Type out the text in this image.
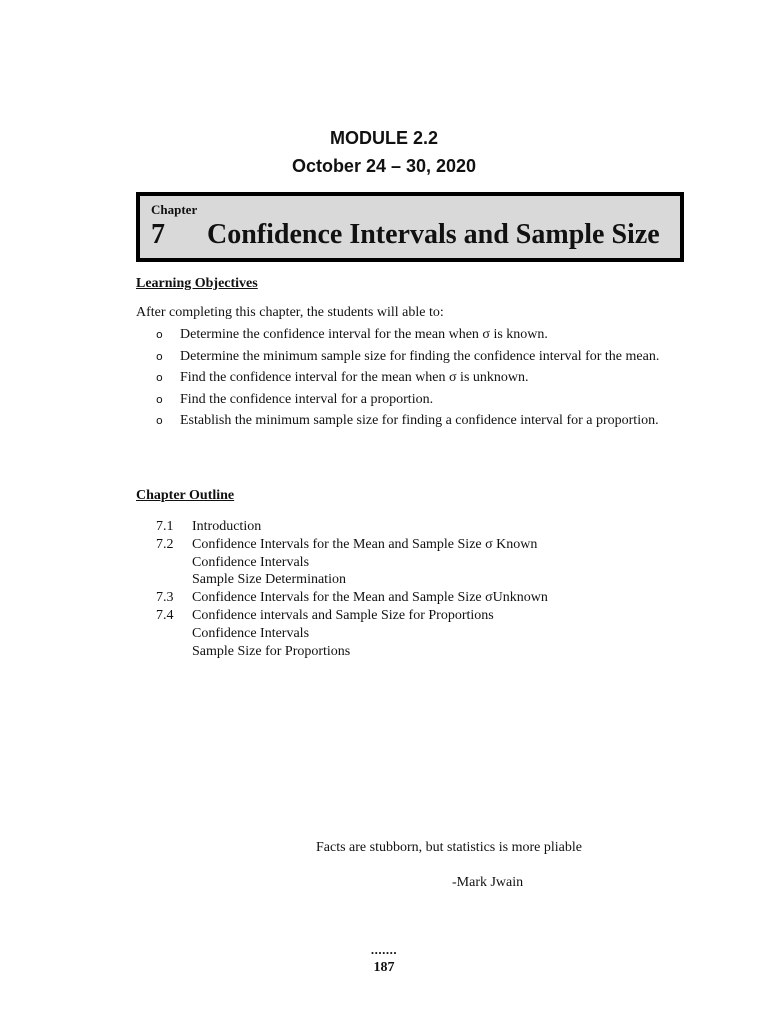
MODULE 2.2
October 24 – 30, 2020
Chapter
7 Confidence Intervals and Sample Size
Learning Objectives
After completing this chapter, the students will able to:
o Determine the confidence interval for the mean when σ is known.
o Determine the minimum sample size for finding the confidence interval for the mean.
o Find the confidence interval for the mean when σ is unknown.
o Find the confidence interval for a proportion.
o Establish the minimum sample size for finding a confidence interval for a proportion.
Chapter Outline
7.1	Introduction
7.2	Confidence Intervals for the Mean and Sample Size σ Known
Confidence Intervals
Sample Size Determination
7.3	Confidence Intervals for the Mean and Sample Size σUnknown
7.4	Confidence intervals and Sample Size for Proportions
Confidence Intervals
Sample Size for Proportions
Facts are stubborn, but statistics is more pliable
-Mark Jwain
.......
187
